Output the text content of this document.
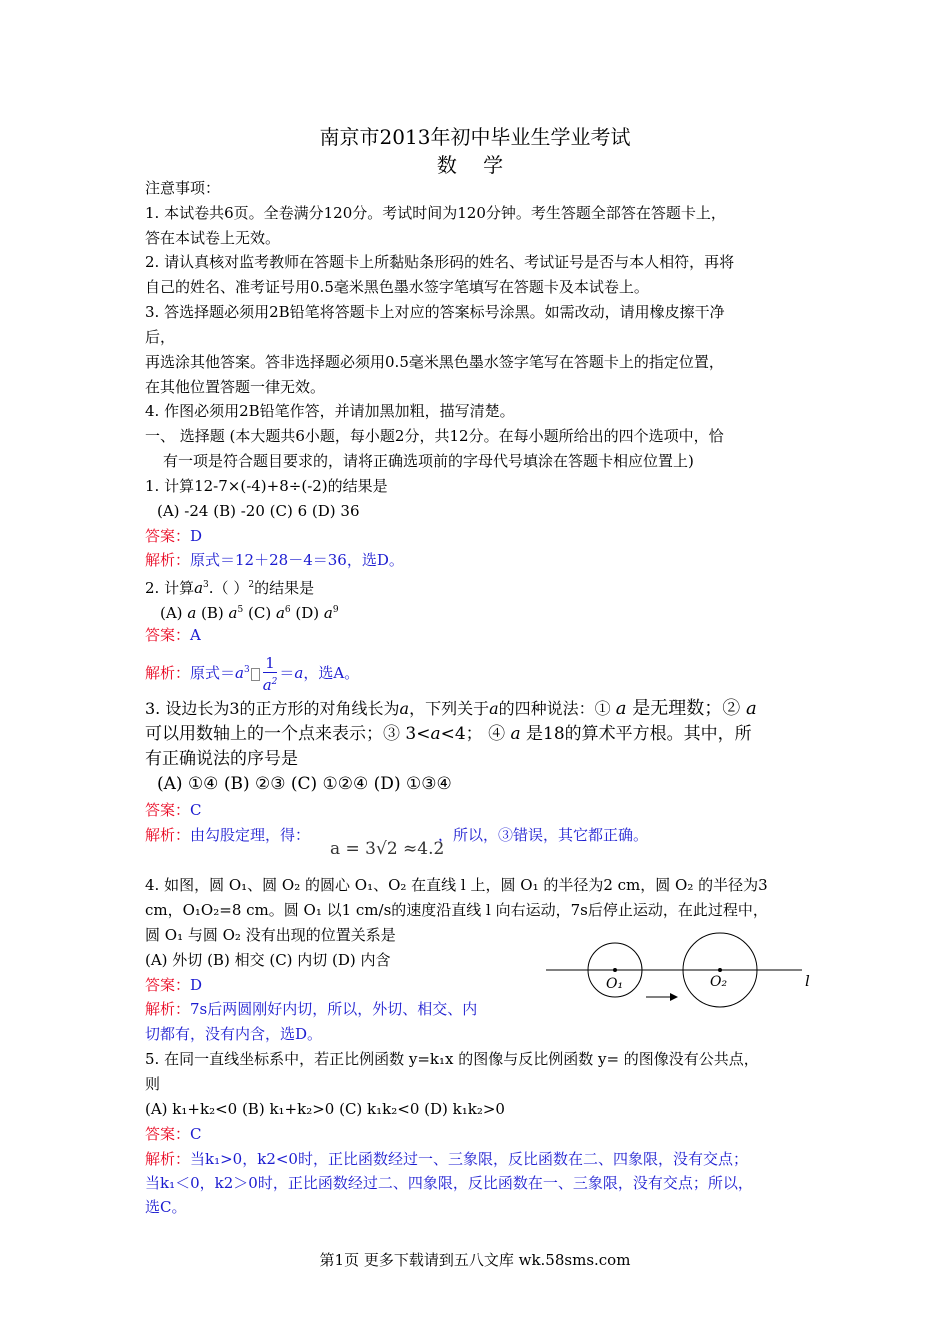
南京市2013年初中毕业生学业考试
数 学
注意事项：
1. 本试卷共6页。全卷满分120分。考试时间为120分钟。考生答题全部答在答题卡上，
答在本试卷上无效。
2. 请认真核对监考教师在答题卡上所黏贴条形码的姓名、考试证号是否与本人相符，再将
自己的姓名、准考证号用0.5毫米黑色墨水签字笔填写在答题卡及本试卷上。
3. 答选择题必须用2B铅笔将答题卡上对应的答案标号涂黑。如需改动，请用橡皮擦干净
后，
再选涂其他答案。答非选择题必须用0.5毫米黑色墨水签字笔写在答题卡上的指定位置，
在其他位置答题一律无效。
4. 作图必须用2B铅笔作答，并请加黑加粗，描写清楚。
一、 选择题 (本大题共6小题，每小题2分，共12分。在每小题所给出的四个选项中，恰
有一项是符合题目要求的，请将正确选项前的字母代号填涂在答题卡相应位置上)
1. 计算12-7×(-4)+8÷(-2)的结果是
(A) -24 (B) -20 (C) 6 (D) 36
答案：D
解析：原式＝12＋28－4＝36，选D。
2. 计算$a^3$.（ ）$^2$的结果是
(A) a (B) $a^5$ (C) $a^6$ (D) $a^9$
答案：A
解析：原式$=a^3 \frac{1}{a^2} =a$，选A。
3. 设边长为3的正方形的对角线长为a，下列关于a的四种说法：① a 是无理数；② a
可以用数轴上的一个点来表示；③ 3<a<4； ④ a 是18的算术平方根。其中，所
有正确说法的序号是
(A) ①④ (B) ②③ (C) ①②④ (D) ①③④
答案：C
解析：由勾股定理，得：	，所以，③错误，其它都正确。
a = 3√2 ≈4.2
4. 如图，圆 O₁、圆 O₂ 的圆心 O₁、O₂ 在直线 l 上，圆 O₁ 的半径为2 cm，圆 O₂ 的半径为3
cm，O₁O₂=8 cm。圆 O₁ 以1 cm/s的速度沿直线 l 向右运动，7s后停止运动，在此过程中，
圆 O₁ 与圆 O₂ 没有出现的位置关系是
(A) 外切 (B) 相交 (C) 内切 (D) 内含
答案：D
解析：7s后两圆刚好内切，所以，外切、相交、内
切都有，没有内含，选D。
O₁	O₂	l
5. 在同一直线坐标系中，若正比例函数 y=k₁x 的图像与反比例函数 y= 的图像没有公共点，
则
(A) k₁+k₂<0 (B) k₁+k₂>0 (C) k₁k₂<0 (D) k₁k₂>0
答案：C
解析：当k₁>0，k2<0时，正比函数经过一、三象限，反比函数在二、四象限，没有交点；
当k₁＜0，k2＞0时，正比函数经过二、四象限，反比函数在一、三象限，没有交点；所以，
选C。
第1页 更多下载请到五八文库 wk.58sms.com
